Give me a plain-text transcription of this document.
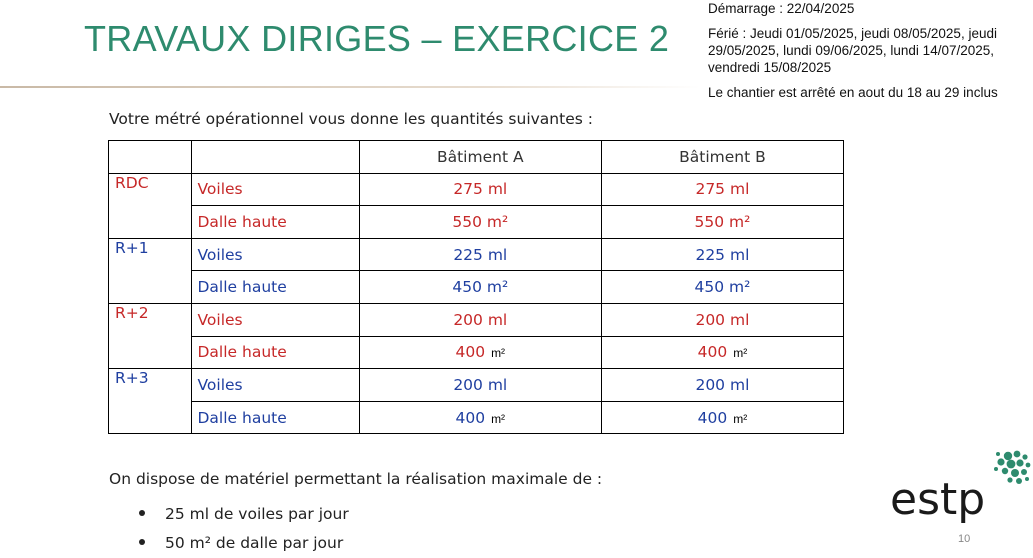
TRAVAUX DIRIGES – EXERCICE 2

Démarrage : 22/04/2025

Férié : Jeudi 01/05/2025, jeudi 08/05/2025, jeudi 29/05/2025, lundi 09/06/2025, lundi 14/07/2025, vendredi 15/08/2025

Le chantier est arrêté en aout du 18 au 29 inclus

Votre métré opérationnel vous donne les quantités suivantes :
		Bâtiment A	Bâtiment B
RDC	Voiles	275 ml	275 ml
	Dalle haute	550 m²	550 m²
R+1	Voiles	225 ml	225 ml
	Dalle haute	450 m²	450 m²
R+2	Voiles	200 ml	200 ml
	Dalle haute	400 m²	400 m²
R+3	Voiles	200 ml	200 ml
	Dalle haute	400 m²	400 m²
On dispose de matériel permettant la réalisation maximale de :
25 ml de voiles par jour
50 m² de dalle par jour
estp
10
